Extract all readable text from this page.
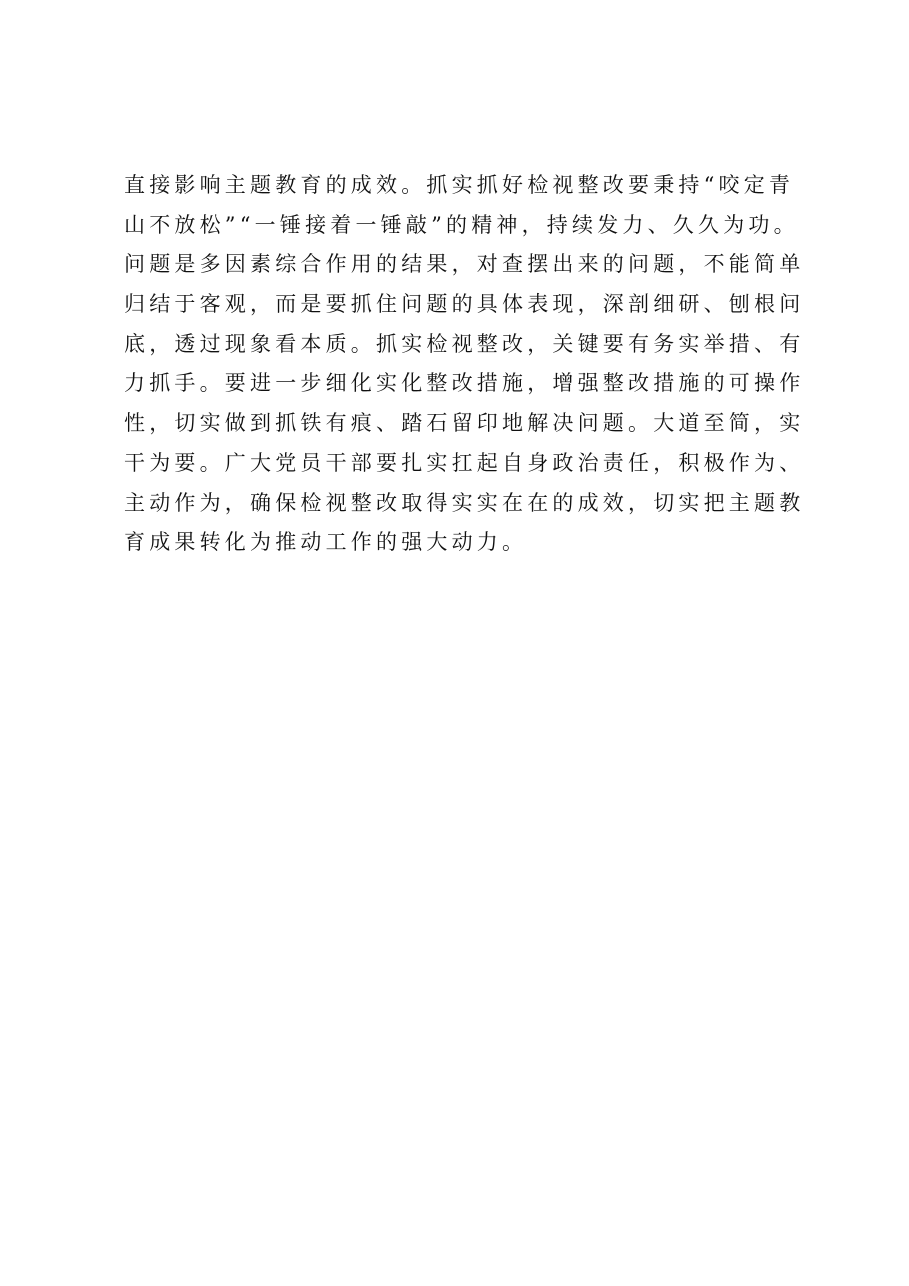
直接影响主题教育的成效。抓实抓好检视整改要秉持“咬定青
山不放松”“一锤接着一锤敲”的精神，持续发力、久久为功。
问题是多因素综合作用的结果，对查摆出来的问题，不能简单
归结于客观，而是要抓住问题的具体表现，深剖细研、刨根问
底，透过现象看本质。抓实检视整改，关键要有务实举措、有
力抓手。要进一步细化实化整改措施，增强整改措施的可操作
性，切实做到抓铁有痕、踏石留印地解决问题。大道至简，实
干为要。广大党员干部要扎实扛起自身政治责任，积极作为、
主动作为，确保检视整改取得实实在在的成效，切实把主题教
育成果转化为推动工作的强大动力。
